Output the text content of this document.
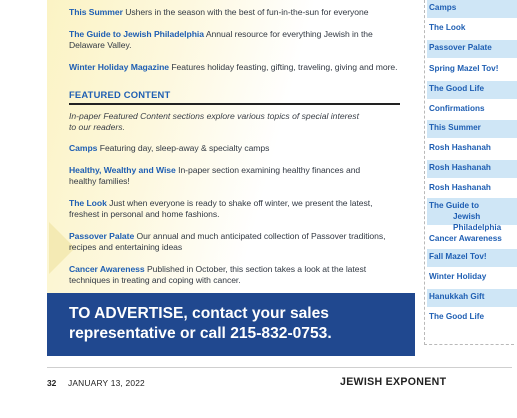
This Summer Ushers in the season with the best of fun-in-the-sun for everyone
The Guide to Jewish Philadelphia Annual resource for everything Jewish in the
Delaware Valley.
Winter Holiday Magazine Features holiday feasting, gifting, traveling, giving and more.
FEATURED CONTENT
In-paper Featured Content sections explore various topics of special interest
to our readers.
Camps Featuring day, sleep-away & specialty camps
Healthy, Wealthy and Wise In-paper section examining healthy finances and
healthy families!
The Look Just when everyone is ready to shake off winter, we present the latest,
freshest in personal and home fashions.
Passover Palate Our annual and much anticipated collection of Passover traditions,
recipes and entertaining ideas
Cancer Awareness Published in October, this section takes a look at the latest
techniques in treating and coping with cancer.
TO ADVERTISE, contact your sales
representative or call 215-832-0753.
Camps
The Look
Passover Palate
Spring Mazel Tov!
The Good Life
Confirmations
This Summer
Rosh Hashanah
Rosh Hashanah
Rosh Hashanah
The Guide to
Jewish Philadelphia
Cancer Awareness
Fall Mazel Tov!
Winter Holiday
Hanukkah Gift
The Good Life
32 JANUARY 13, 2022	JEWISH EXPONENT
